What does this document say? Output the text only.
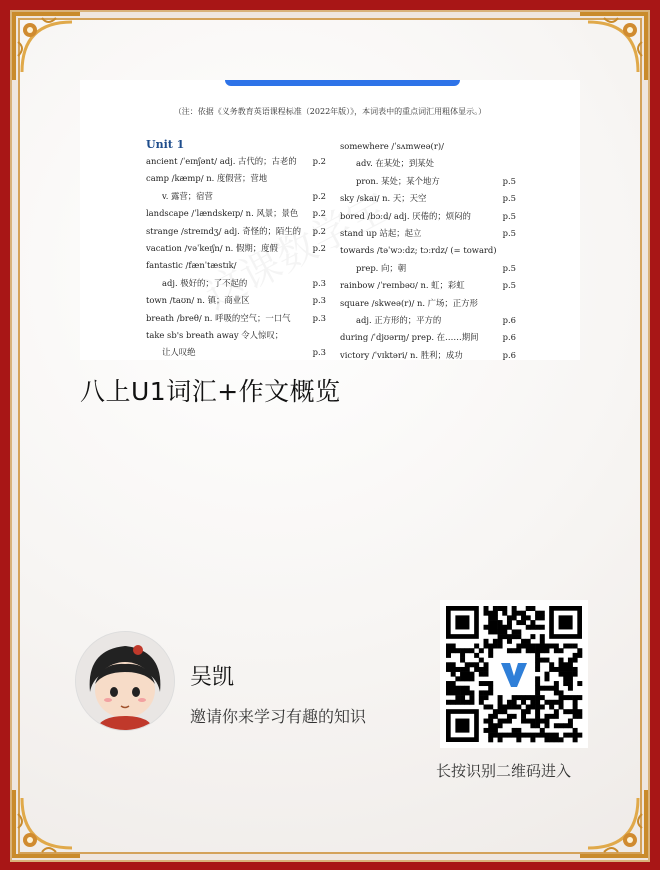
（注：依据《义务教育英语课程标准（2022年版）》，本词表中的重点词汇用粗体显示。）
Unit 1
ancient /ˈeɪnʃənt/ adj. 古代的；古老的 p.2
camp /kæmp/ n. 度假营；营地
v. 露营；宿营	p.2
landscape /ˈlændskeɪp/ n. 风景；景色 p.2
strange /streɪndʒ/ adj. 奇怪的；陌生的 p.2
vacation /vəˈkeɪʃn/ n. 假期；度假	p.2
fantastic /fænˈtæstɪk/
adj. 极好的；了不起的	p.3
town /taʊn/ n. 镇；商业区	p.3
breath /breθ/ n. 呼吸的空气；一口气	p.3
take sb's breath away 令人惊叹；
让人叹绝	p.3
somewhere /ˈsʌmweə(r)/
adv. 在某处；到某处
pron. 某处；某个地方	p.5
sky /skaɪ/ n. 天；天空	p.5
bored /bɔːd/ adj. 厌倦的；烦闷的	p.5
stand up 站起；起立	p.5
towards /təˈwɔːdz; tɔːrdz/ (= toward)
prep. 向；朝	p.5
rainbow /ˈreɪnbəʊ/ n. 虹；彩虹	p.5
square /skweə(r)/ n. 广场；正方形
adj. 正方形的；平方的	p.6
during /ˈdjʊərɪŋ/ prep. 在……期间	p.6
victory /ˈvɪktəri/ n. 胜利；成功	p.6
八上U1词汇+作文概览
吴凯
邀请你来学习有趣的知识
长按识别二维码进入
